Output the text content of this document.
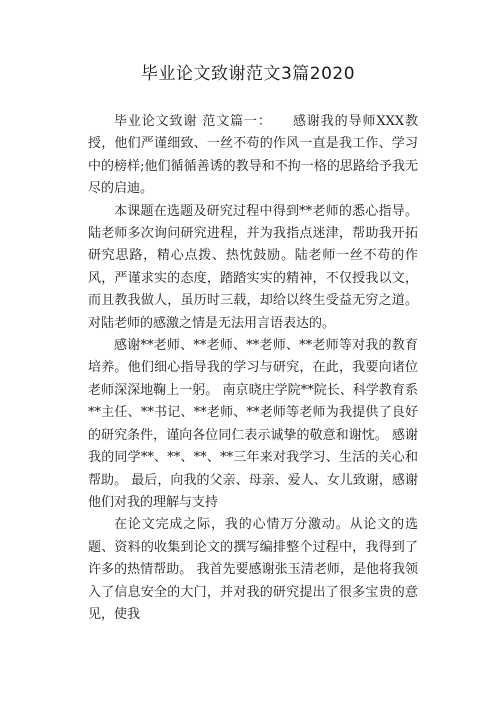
毕业论文致谢范文3篇2020

毕业论文致谢 范文篇一：　　感谢我的导师XXX教授，他们严谨细致、一丝不苟的作风一直是我工作、学习中的榜样;他们循循善诱的教导和不拘一格的思路给予我无尽的启迪。

本课题在选题及研究过程中得到**老师的悉心指导。陆老师多次询问研究进程，并为我指点迷津，帮助我开拓研究思路，精心点拨、热忱鼓励。陆老师一丝不苟的作风，严谨求实的态度，踏踏实实的精神，不仅授我以文，而且教我做人，虽历时三载，却给以终生受益无穷之道。对陆老师的感激之情是无法用言语表达的。

感谢**老师、**老师、**老师、**老师等对我的教育培养。他们细心指导我的学习与研究，在此，我要向诸位老师深深地鞠上一躬。 南京晓庄学院**院长、科学教育系**主任、**书记、**老师、**老师等老师为我提供了良好的研究条件，谨向各位同仁表示诚挚的敬意和谢忱。 感谢我的同学**、**、**、**三年来对我学习、生活的关心和帮助。 最后，向我的父亲、母亲、爱人、女儿致谢，感谢他们对我的理解与支持

在论文完成之际，我的心情万分激动。从论文的选题、资料的收集到论文的撰写编排整个过程中，我得到了许多的热情帮助。 我首先要感谢张玉清老师，是他将我领入了信息安全的大门，并对我的研究提出了很多宝贵的意见，使我
